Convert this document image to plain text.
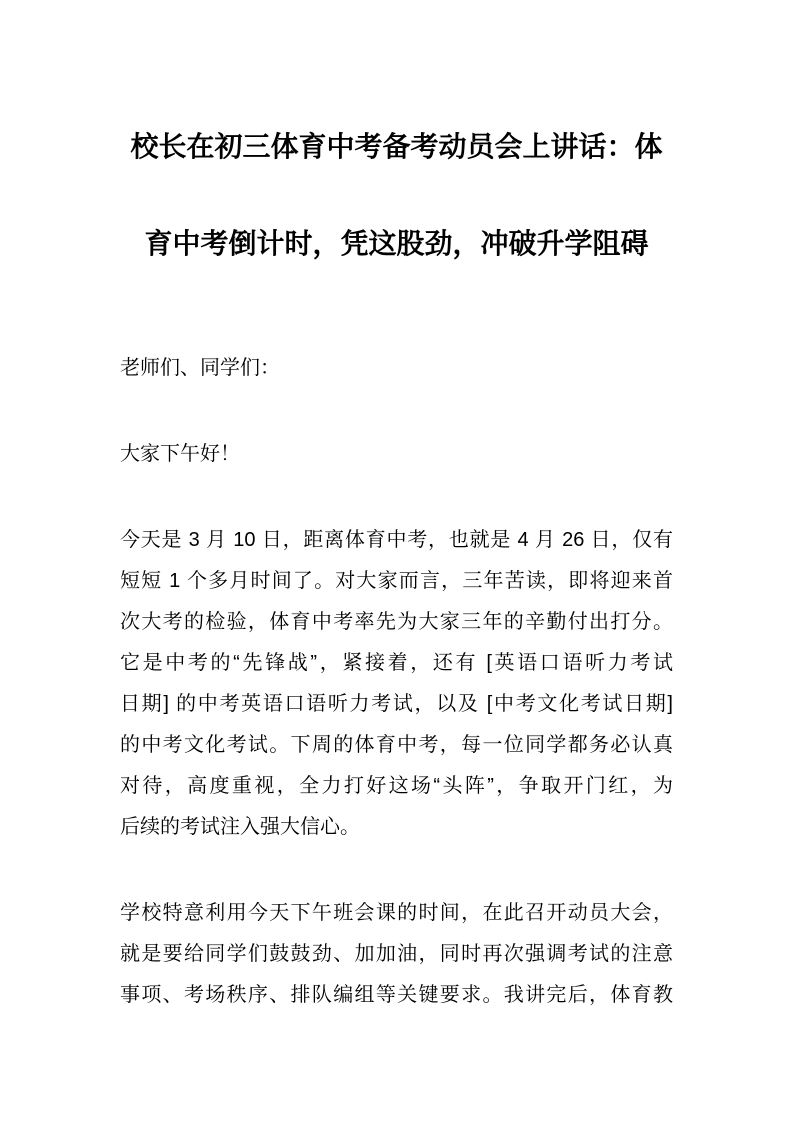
校长在初三体育中考备考动员会上讲话：体
育中考倒计时，凭这股劲，冲破升学阻碍
老师们、同学们：
大家下午好！
今天是 3 月 10 日，距离体育中考，也就是 4 月 26 日，仅有
短短 1 个多月时间了。对大家而言，三年苦读，即将迎来首
次大考的检验，体育中考率先为大家三年的辛勤付出打分。
它是中考的“先锋战”，紧接着，还有 [英语口语听力考试
日期] 的中考英语口语听力考试，以及 [中考文化考试日期]
的中考文化考试。下周的体育中考，每一位同学都务必认真
对待，高度重视，全力打好这场“头阵”，争取开门红，为
后续的考试注入强大信心。
学校特意利用今天下午班会课的时间，在此召开动员大会，
就是要给同学们鼓鼓劲、加加油，同时再次强调考试的注意
事项、考场秩序、排队编组等关键要求。我讲完后，体育教
